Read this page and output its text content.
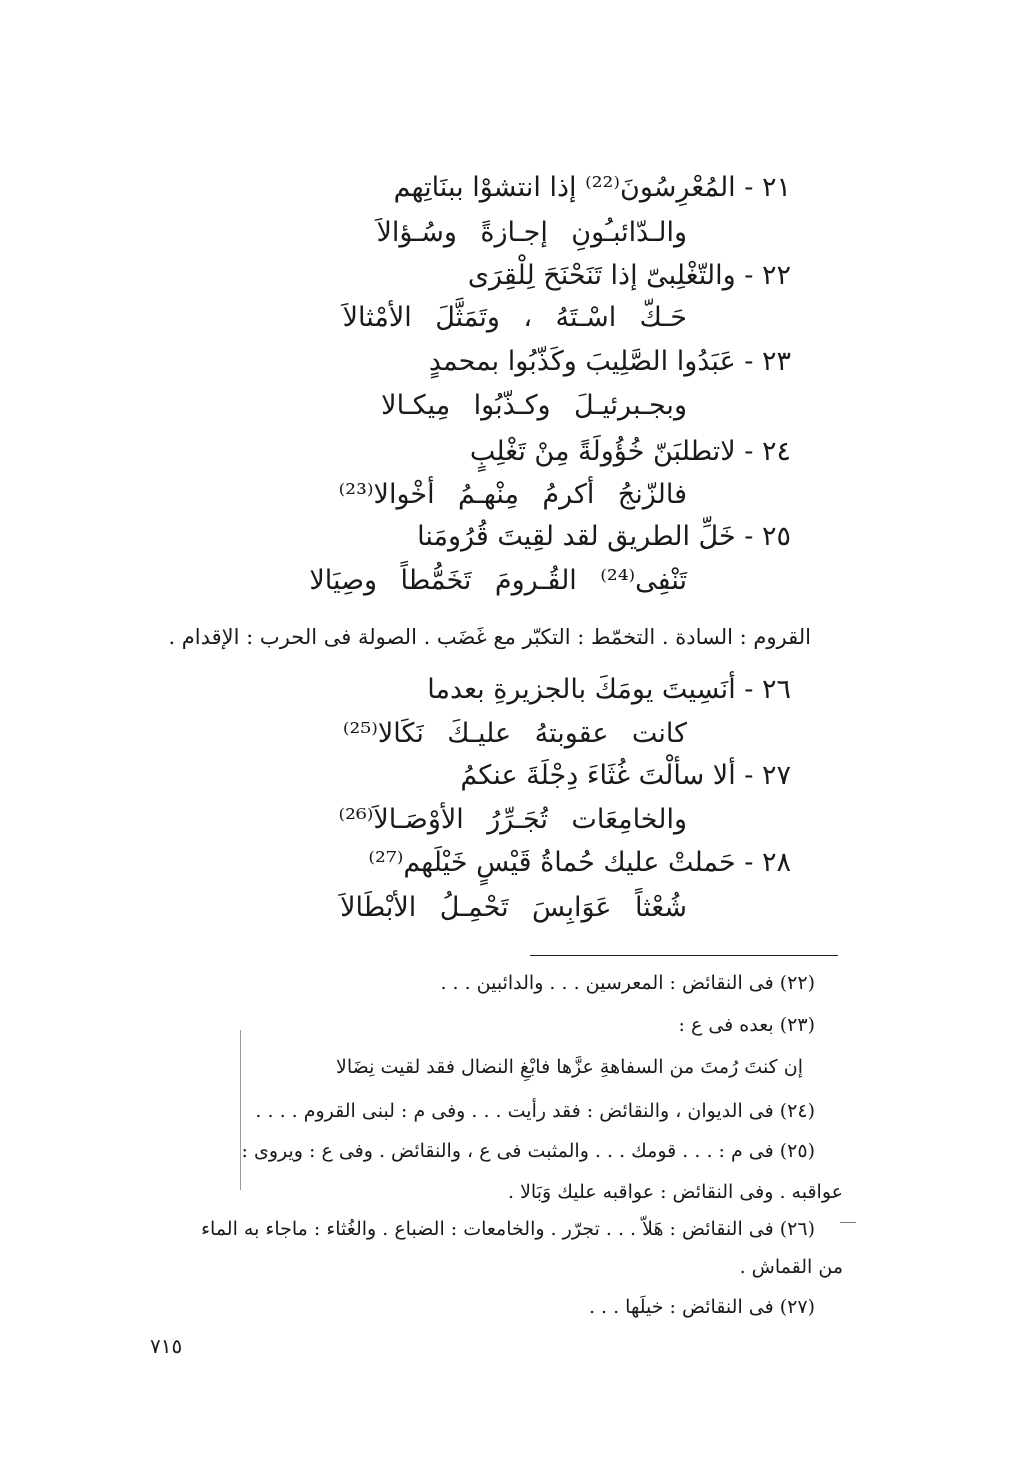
٢١ - المُعْرِسُونَ⁽²²⁾ إذا انتشوْا ببنَاتِهم
والـدّائبـُونِ إجـازةً وسُـؤالاَ
٢٢ - والتّغْلِبىّ إذا تَنَحْنَحَ لِلْقِرَى
حَـكّ اسْـتَهُ ، وتَمَثَّلَ الأمْثالاَ
٢٣ - عَبَدُوا الصَّلِيبَ وكَذّبُوا بمحمدٍ
وبجـبرئيـلَ وكـذّبُوا مِيكـالا
٢٤ - لاتطلبَنّ خُؤُولَةً مِنْ تَغْلِبٍ
فالزّنجُ أكرمُ مِنْهـمُ أخْوالا⁽²³⁾
٢٥ - خَلِّ الطريق لقد لقِيتَ قُرُومَنا
تَنْفِى⁽²⁴⁾ القُـرومَ تَخَمُّطاً وصِيَالا
القروم : السادة . التخمّط : التكبّر مع غَضَب . الصولة فى الحرب : الإقدام .
٢٦ - أنَسِيتَ يومَكَ بالجزيرةِ بعدما
كانت عقوبتهُ عليـكَ نَكَالا⁽²⁵⁾
٢٧ - ألا سألْتَ غُثَاءَ دِجْلَةَ عنكمُ
والخامِعَات تُجَـرِّرُ الأوْصَـالاَ⁽²⁶⁾
٢٨ - حَملتْ عليك حُماةُ قَيْسٍ خَيْلَهم⁽²⁷⁾
شُعْثاً عَوَابِسَ تَحْمِـلُ الأبْطَالاَ
(٢٢) فى النقائض : المعرسين . . . والدائبين . . .
(٢٣) بعده فى ع :
إن كنتَ رُمتَ من السفاهةِ عزَّها فابْغِ النضال فقد لقيت نِضَالا
(٢٤) فى الديوان ، والنقائض : فقد رأيت . . . وفى م : لبنى القروم . . . .
(٢٥) فى م : . . . قومك . . . والمثبت فى ع ، والنقائض . وفى ع : ويروى :
عواقبه . وفى النقائض : عواقبه عليك وَبَالا .
(٢٦) فى النقائض : هَلاّ . . . تجرّر . والخامعات : الضباع . والغُثاء : ماجاء به الماء
من القماش .
(٢٧) فى النقائض : خيلَها . . .
٧١٥
